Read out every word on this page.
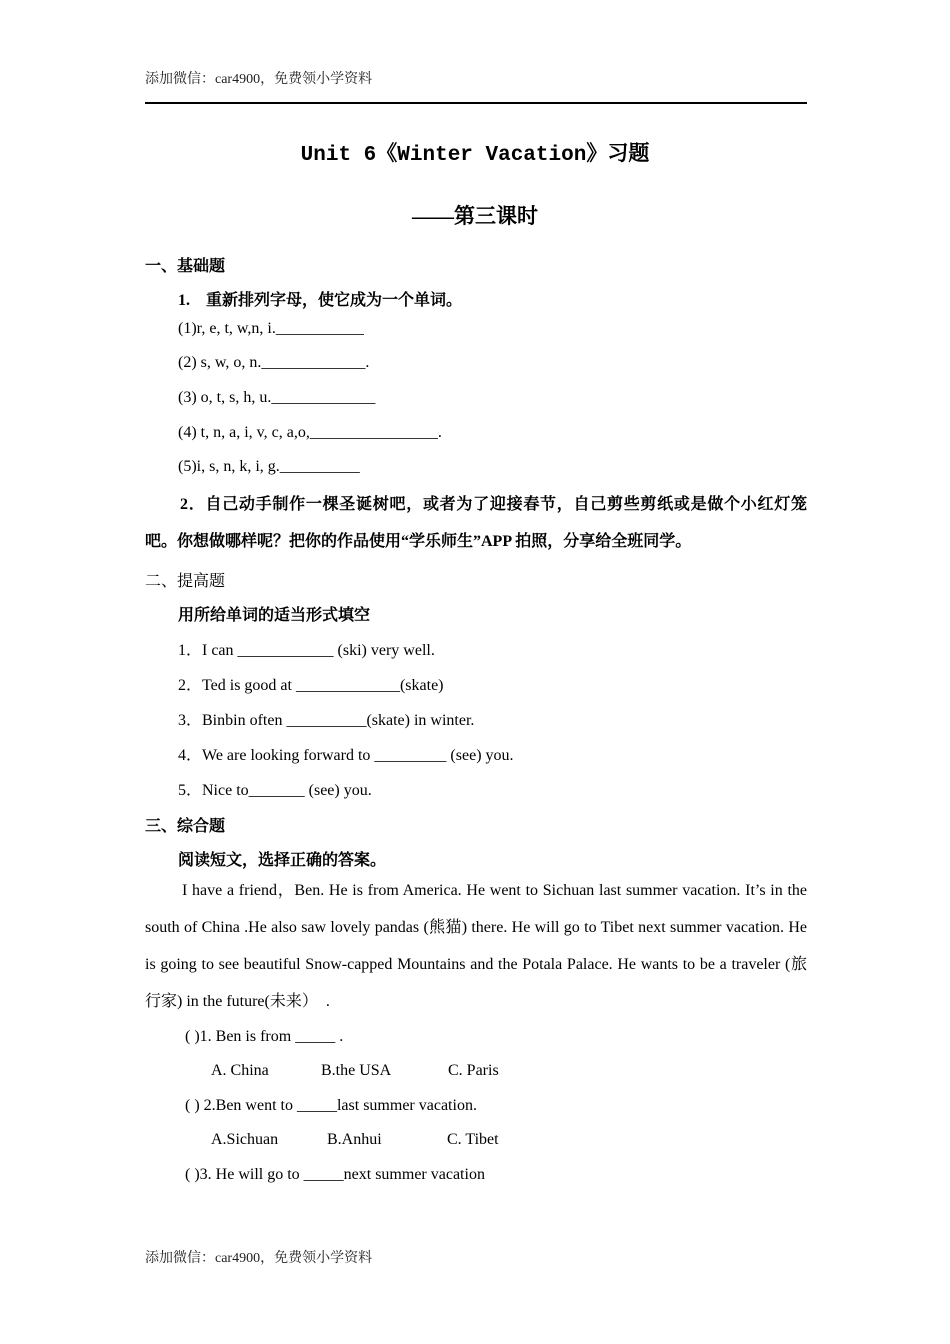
添加微信：car4900，免费领小学资料
Unit 6《Winter Vacation》习题
——第三课时
一、基础题
1.　重新排列字母，使它成为一个单词。
(1)r, e, t, w,n, i.___________
(2) s, w, o, n._____________.
(3) o, t, s, h, u._____________
(4) t, n, a, i, v, c, a,o,________________.
(5)i, s, n, k, i, g.__________
2．自己动手制作一棵圣诞树吧，或者为了迎接春节，自己剪些剪纸或是做个小红灯笼吧。你想做哪样呢？把你的作品使用“学乐师生”APP 拍照，分享给全班同学。
二、提高题
用所给单词的适当形式填空
1．I can ____________ (ski) very well.
2．Ted is good at _____________(skate)
3．Binbin often __________(skate) in winter.
4．We are looking forward to _________ (see) you.
5．Nice to_______ (see) you.
三、综合题
阅读短文，选择正确的答案。
I have a friend，Ben. He is from America. He went to Sichuan last summer vacation. It’s in the south of China .He also saw lovely pandas (熊猫) there. He will go to Tibet next summer vacation. He is going to see beautiful Snow-capped Mountains and the Potala Palace. He wants to be a traveler (旅行家) in the future(未来）　.
( )1. Ben is from _____ .
A. China	B.the USA	C. Paris
( ) 2.Ben went to _____last summer vacation.
A.Sichuan	B.Anhui	C. Tibet
( )3. He will go to _____next summer vacation
添加微信：car4900，免费领小学资料
